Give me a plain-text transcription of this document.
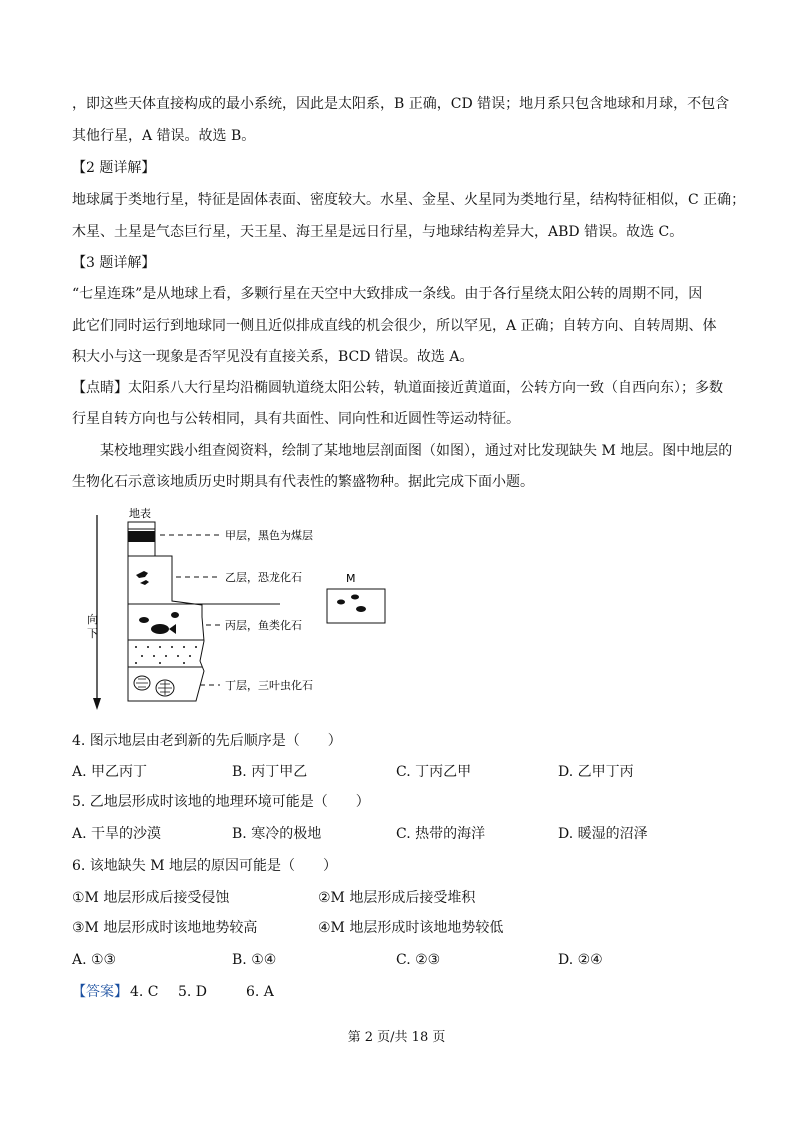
，即这些天体直接构成的最小系统，因此是太阳系，B 正确，CD 错误；地月系只包含地球和月球，不包含
其他行星，A 错误。故选 B。
【2 题详解】
地球属于类地行星，特征是固体表面、密度较大。水星、金星、火星同为类地行星，结构特征相似，C 正确；
木星、土星是气态巨行星，天王星、海王星是远日行星，与地球结构差异大，ABD 错误。故选 C。
【3 题详解】
“七星连珠”是从地球上看，多颗行星在天空中大致排成一条线。由于各行星绕太阳公转的周期不同，因
此它们同时运行到地球同一侧且近似排成直线的机会很少，所以罕见，A 正确；自转方向、自转周期、体
积大小与这一现象是否罕见没有直接关系，BCD 错误。故选 A。
【点睛】太阳系八大行星均沿椭圆轨道绕太阳公转，轨道面接近黄道面，公转方向一致（自西向东）；多数
行星自转方向也与公转相同，具有共面性、同向性和近圆性等运动特征。
某校地理实践小组查阅资料，绘制了某地地层剖面图（如图），通过对比发现缺失 M 地层。图中地层的
生物化石示意该地质历史时期具有代表性的繁盛物种。据此完成下面小题。
向
下
地表
甲层，黑色为煤层
乙层，恐龙化石
丙层，鱼类化石
丁层，三叶虫化石
M
4. 图示地层由老到新的先后顺序是（　　）
A. 甲乙丙丁	B. 丙丁甲乙	C. 丁丙乙甲	D. 乙甲丁丙
5. 乙地层形成时该地的地理环境可能是（　　）
A. 干旱的沙漠	B. 寒冷的极地	C. 热带的海洋	D. 暖湿的沼泽
6. 该地缺失 M 地层的原因可能是（　　）
①M 地层形成后接受侵蚀	②M 地层形成后接受堆积
③M 地层形成时该地地势较高	④M 地层形成时该地地势较低
A. ①③	B. ①④	C. ②③	D. ②④
【答案】 4. C 5. D	6. A
第 2 页/共 18 页
